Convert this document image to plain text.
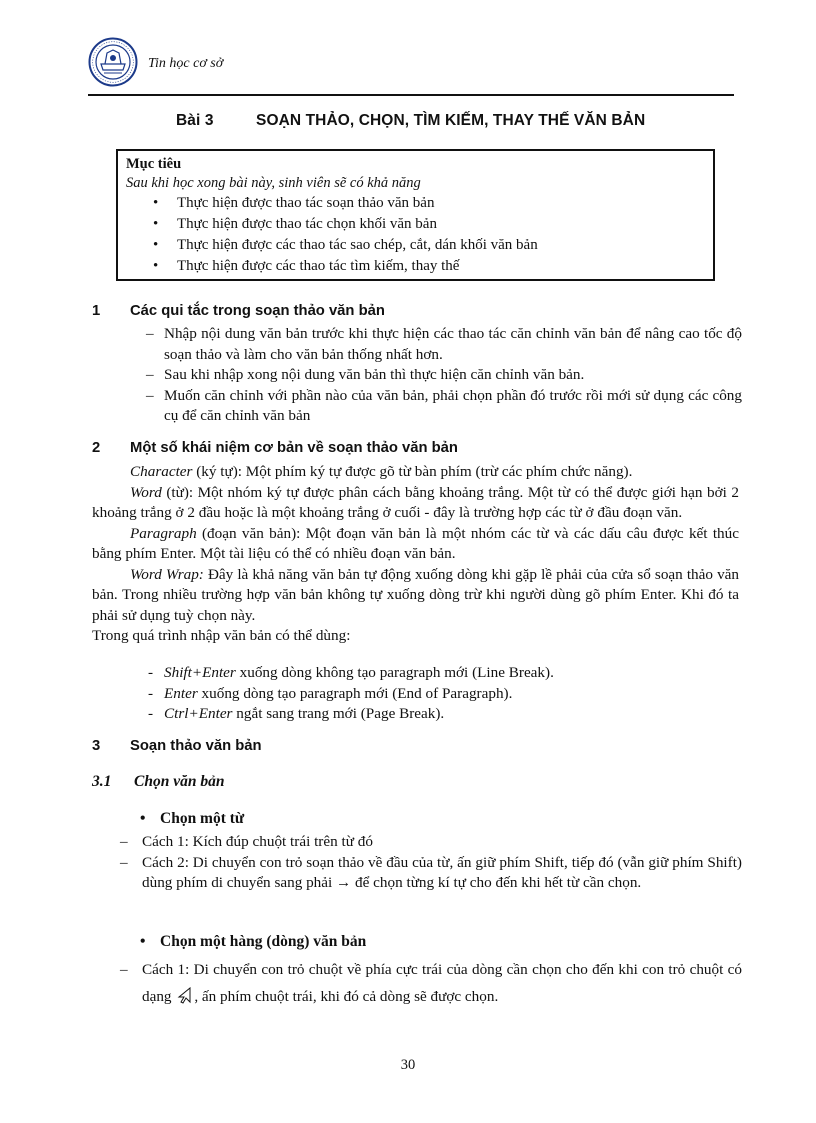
Tin học cơ sở
Bài 3	SOẠN THẢO, CHỌN, TÌM KIẾM, THAY THẾ VĂN BẢN
Mục tiêu
Sau khi học xong bài này, sinh viên sẽ có khả năng
• Thực hiện được thao tác soạn thảo văn bản
• Thực hiện được thao tác chọn khối văn bản
• Thực hiện được các thao tác sao chép, cắt, dán khối văn bản
• Thực hiện được các thao tác tìm kiếm, thay thế
1 Các qui tắc trong soạn thảo văn bản
– Nhập nội dung văn bản trước khi thực hiện các thao tác căn chỉnh văn bản để nâng cao tốc độ soạn thảo và làm cho văn bản thống nhất hơn.
– Sau khi nhập xong nội dung văn bản thì thực hiện căn chỉnh văn bản.
– Muốn căn chỉnh với phần nào của văn bản, phải chọn phần đó trước rồi mới sử dụng các công cụ để căn chỉnh văn bản
2 Một số khái niệm cơ bản về soạn thảo văn bản
Character (ký tự): Một phím ký tự được gõ từ bàn phím (trừ các phím chức năng).
Word (từ): Một nhóm ký tự được phân cách bằng khoảng trắng. Một từ có thể được giới hạn bởi 2 khoảng trắng ở 2 đầu hoặc là một khoảng trắng ở cuối - đây là trường hợp các từ ở đầu đoạn văn.
Paragraph (đoạn văn bản): Một đoạn văn bản là một nhóm các từ và các dấu câu được kết thúc bằng phím Enter. Một tài liệu có thể có nhiều đoạn văn bản.
Word Wrap: Đây là khả năng văn bản tự động xuống dòng khi gặp lề phải của cửa sổ soạn thảo văn bản. Trong nhiều trường hợp văn bản không tự xuống dòng trừ khi người dùng gõ phím Enter. Khi đó ta phải sử dụng tuỳ chọn này.
Trong quá trình nhập văn bản có thể dùng:
- Shift+Enter xuống dòng không tạo paragraph mới (Line Break).
- Enter xuống dòng tạo paragraph mới (End of Paragraph).
- Ctrl+Enter ngắt sang trang mới (Page Break).
3 Soạn thảo văn bản
3.1 Chọn văn bản
• Chọn một từ
– Cách 1: Kích đúp chuột trái trên từ đó
– Cách 2: Di chuyển con trỏ soạn thảo về đầu của từ, ấn giữ phím Shift, tiếp đó (vẫn giữ phím Shift) dùng phím di chuyển sang phải → để chọn từng kí tự cho đến khi hết từ cần chọn.
• Chọn một hàng (dòng) văn bản
– Cách 1: Di chuyển con trỏ chuột về phía cực trái của dòng cần chọn cho đến khi con trỏ chuột có dạng , ấn phím chuột trái, khi đó cả dòng sẽ được chọn.
30
